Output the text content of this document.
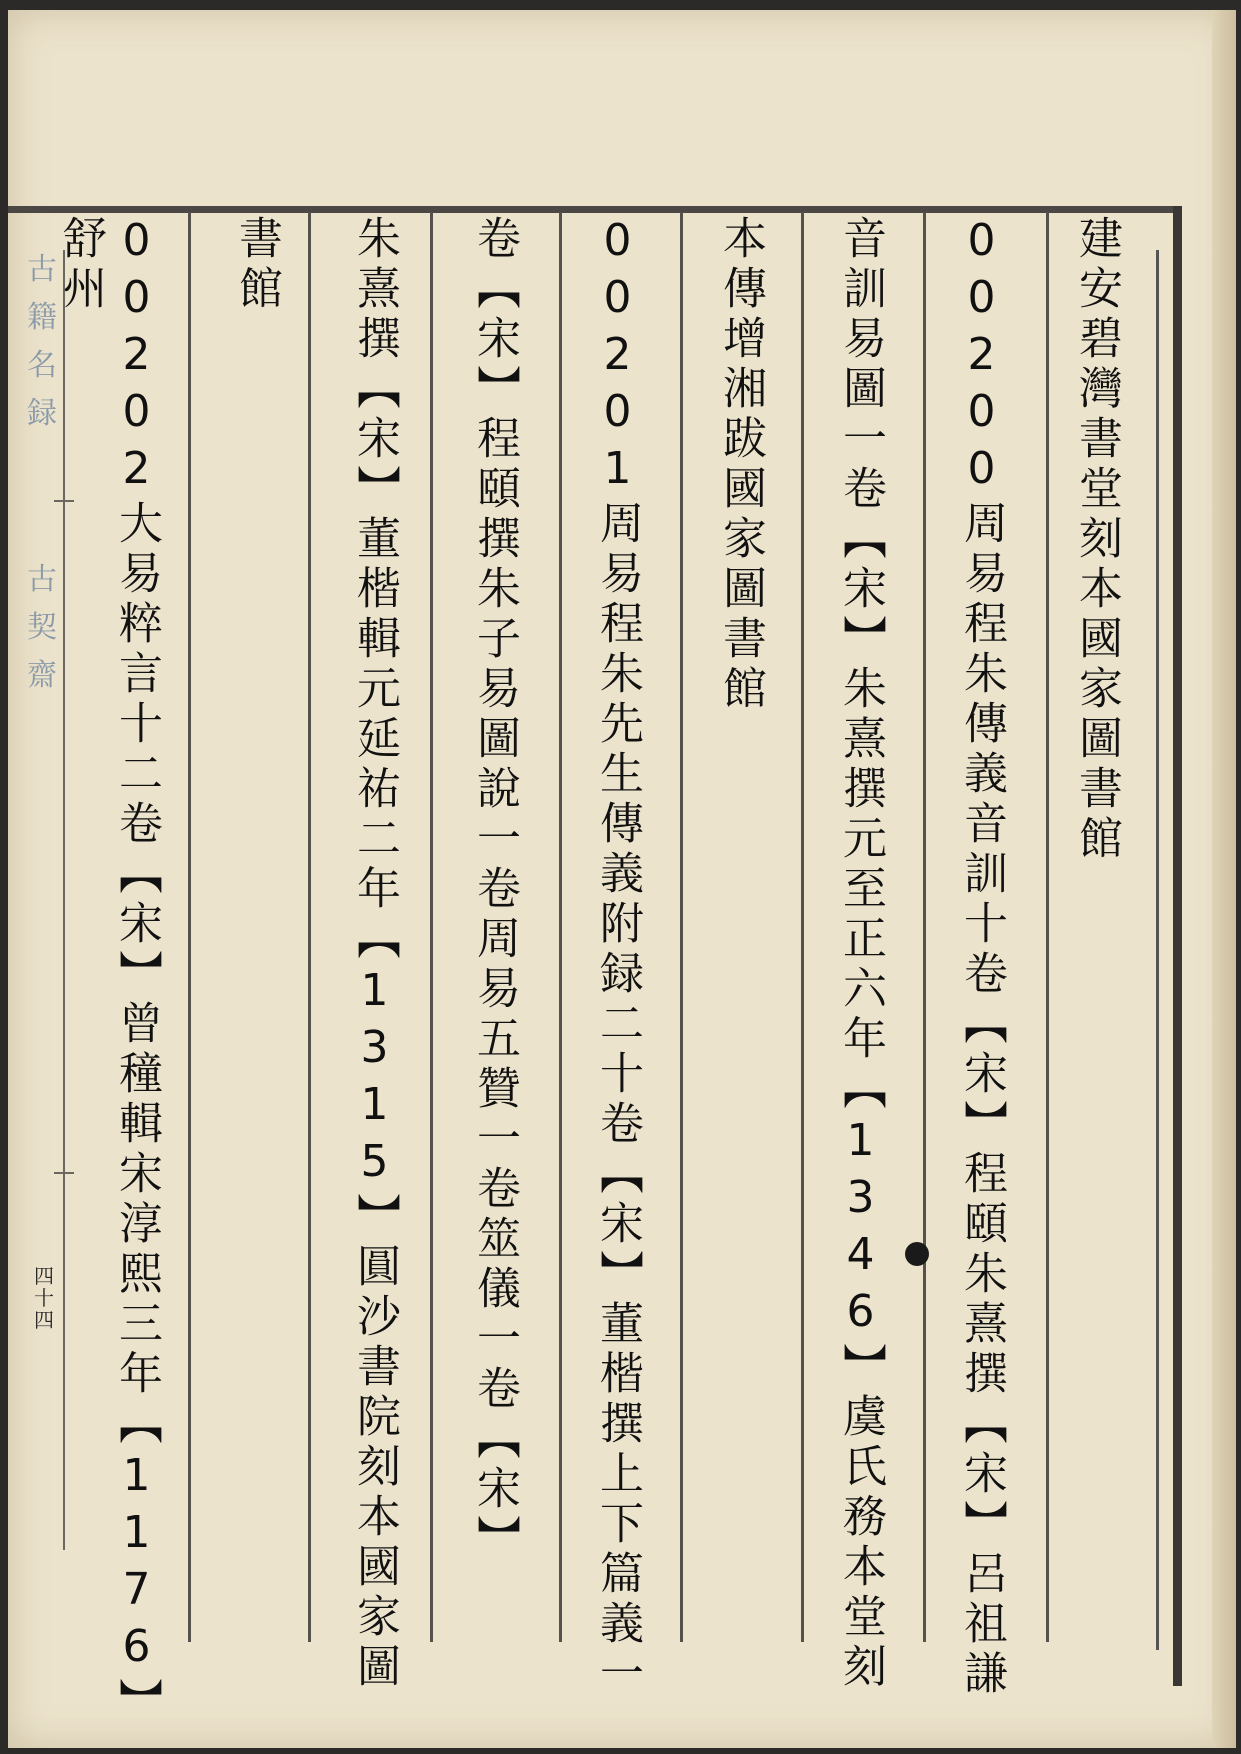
古籍名録
古契齋
四十四
建安碧灣書堂刻本國家圖書館
00200周易程朱傳義音訓十卷【宋】程頤朱熹撰【宋】呂祖謙
音訓易圖一卷【宋】朱熹撰元至正六年【1346】虞氏務本堂刻
本傳增湘跋國家圖書館
00201周易程朱先生傳義附録二十卷【宋】董楷撰上下篇義一
卷【宋】程頤撰朱子易圖說一卷周易五贊一卷筮儀一卷【宋】
朱熹撰【宋】董楷輯元延祐二年【1315】圓沙書院刻本國家圖
書館
00202大易粹言十二卷【宋】曾穜輯宋淳熙三年【1176】舒州
